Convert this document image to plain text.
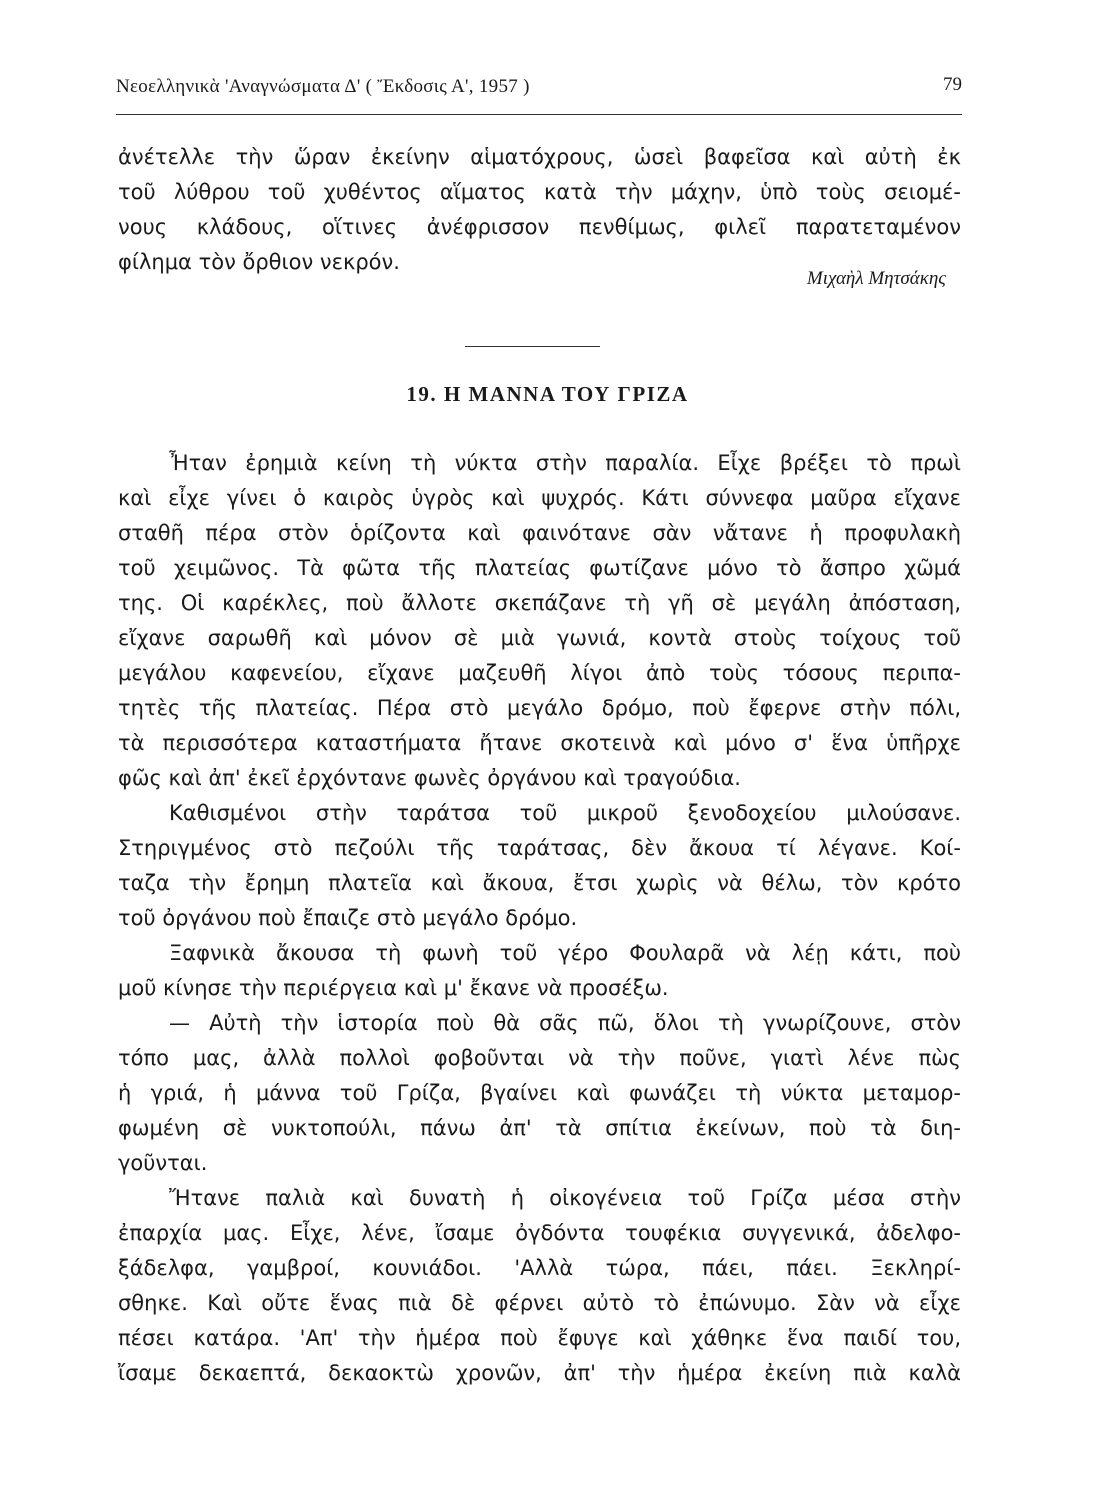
Νεοελληνικὰ 'Αναγνώσματα Δ' ( Ἔκδοσις Α', 1957 )	79
ἀνέτελλε τὴν ὥραν ἐκείνην αἱματόχρους, ὡσεὶ βαφεῖσα καὶ αὐτὴ ἐκ
τοῦ λύθρου τοῦ χυθέντος αἵματος κατὰ τὴν μάχην, ὑπὸ τοὺς σειομέ-
νους κλάδους, οἵτινες ἀνέφρισσον πενθίμως, φιλεῖ παρατεταμένον
φίλημα τὸν ὄρθιον νεκρόν.
Μιχαὴλ Μητσάκης
19. Η ΜΑΝΝΑ ΤΟΥ ΓΡΙΖΑ
Ἦταν ἐρημιὰ κείνη τὴ νύκτα στὴν παραλία. Εἶχε βρέξει τὸ πρωὶ
καὶ εἶχε γίνει ὁ καιρὸς ὑγρὸς καὶ ψυχρός. Κάτι σύννεφα μαῦρα εἴχανε
σταθῆ πέρα στὸν ὁρίζοντα καὶ φαινότανε σὰν νἄτανε ἡ προφυλακὴ
τοῦ χειμῶνος. Τὰ φῶτα τῆς πλατείας φωτίζανε μόνο τὸ ἄσπρο χῶμά
της. Οἱ καρέκλες, ποὺ ἄλλοτε σκεπάζανε τὴ γῆ σὲ μεγάλη ἀπόσταση,
εἴχανε σαρωθῆ καὶ μόνον σὲ μιὰ γωνιά, κοντὰ στοὺς τοίχους τοῦ
μεγάλου καφενείου, εἴχανε μαζευθῆ λίγοι ἀπὸ τοὺς τόσους περιπα-
τητὲς τῆς πλατείας. Πέρα στὸ μεγάλο δρόμο, ποὺ ἔφερνε στὴν πόλι,
τὰ περισσότερα καταστήματα ἤτανε σκοτεινὰ καὶ μόνο σ' ἕνα ὑπῆρχε
φῶς καὶ ἀπ' ἐκεῖ ἐρχόντανε φωνὲς ὀργάνου καὶ τραγούδια.
Καθισμένοι στὴν ταράτσα τοῦ μικροῦ ξενοδοχείου μιλούσανε.
Στηριγμένος στὸ πεζούλι τῆς ταράτσας, δὲν ἄκουα τί λέγανε. Κοί-
ταζα τὴν ἔρημη πλατεῖα καὶ ἄκουα, ἔτσι χωρὶς νὰ θέλω, τὸν κρότο
τοῦ ὀργάνου ποὺ ἔπαιζε στὸ μεγάλο δρόμο.
Ξαφνικὰ ἄκουσα τὴ φωνὴ τοῦ γέρο Φουλαρᾶ νὰ λέῃ κάτι, ποὺ
μοῦ κίνησε τὴν περιέργεια καὶ μ' ἔκανε νὰ προσέξω.
— Αὐτὴ τὴν ἱστορία ποὺ θὰ σᾶς πῶ, ὅλοι τὴ γνωρίζουνε, στὸν
τόπο μας, ἀλλὰ πολλοὶ φοβοῦνται νὰ τὴν ποῦνε, γιατὶ λένε πὼς
ἡ γριά, ἡ μάννα τοῦ Γρίζα, βγαίνει καὶ φωνάζει τὴ νύκτα μεταμορ-
φωμένη σὲ νυκτοπούλι, πάνω ἀπ' τὰ σπίτια ἐκείνων, ποὺ τὰ διη-
γοῦνται.
Ἤτανε παλιὰ καὶ δυνατὴ ἡ οἰκογένεια τοῦ Γρίζα μέσα στὴν
ἐπαρχία μας. Εἶχε, λένε, ἴσαμε ὀγδόντα τουφέκια συγγενικά, ἀδελφο-
ξάδελφα, γαμβροί, κουνιάδοι. 'Αλλὰ τώρα, πάει, πάει. Ξεκληρί-
σθηκε. Καὶ οὔτε ἕνας πιὰ δὲ φέρνει αὐτὸ τὸ ἐπώνυμο. Σὰν νὰ εἶχε
πέσει κατάρα. 'Απ' τὴν ἡμέρα ποὺ ἔφυγε καὶ χάθηκε ἕνα παιδί του,
ἴσαμε δεκαεπτά, δεκαοκτὼ χρονῶν, ἀπ' τὴν ἡμέρα ἐκείνη πιὰ καλὰ
